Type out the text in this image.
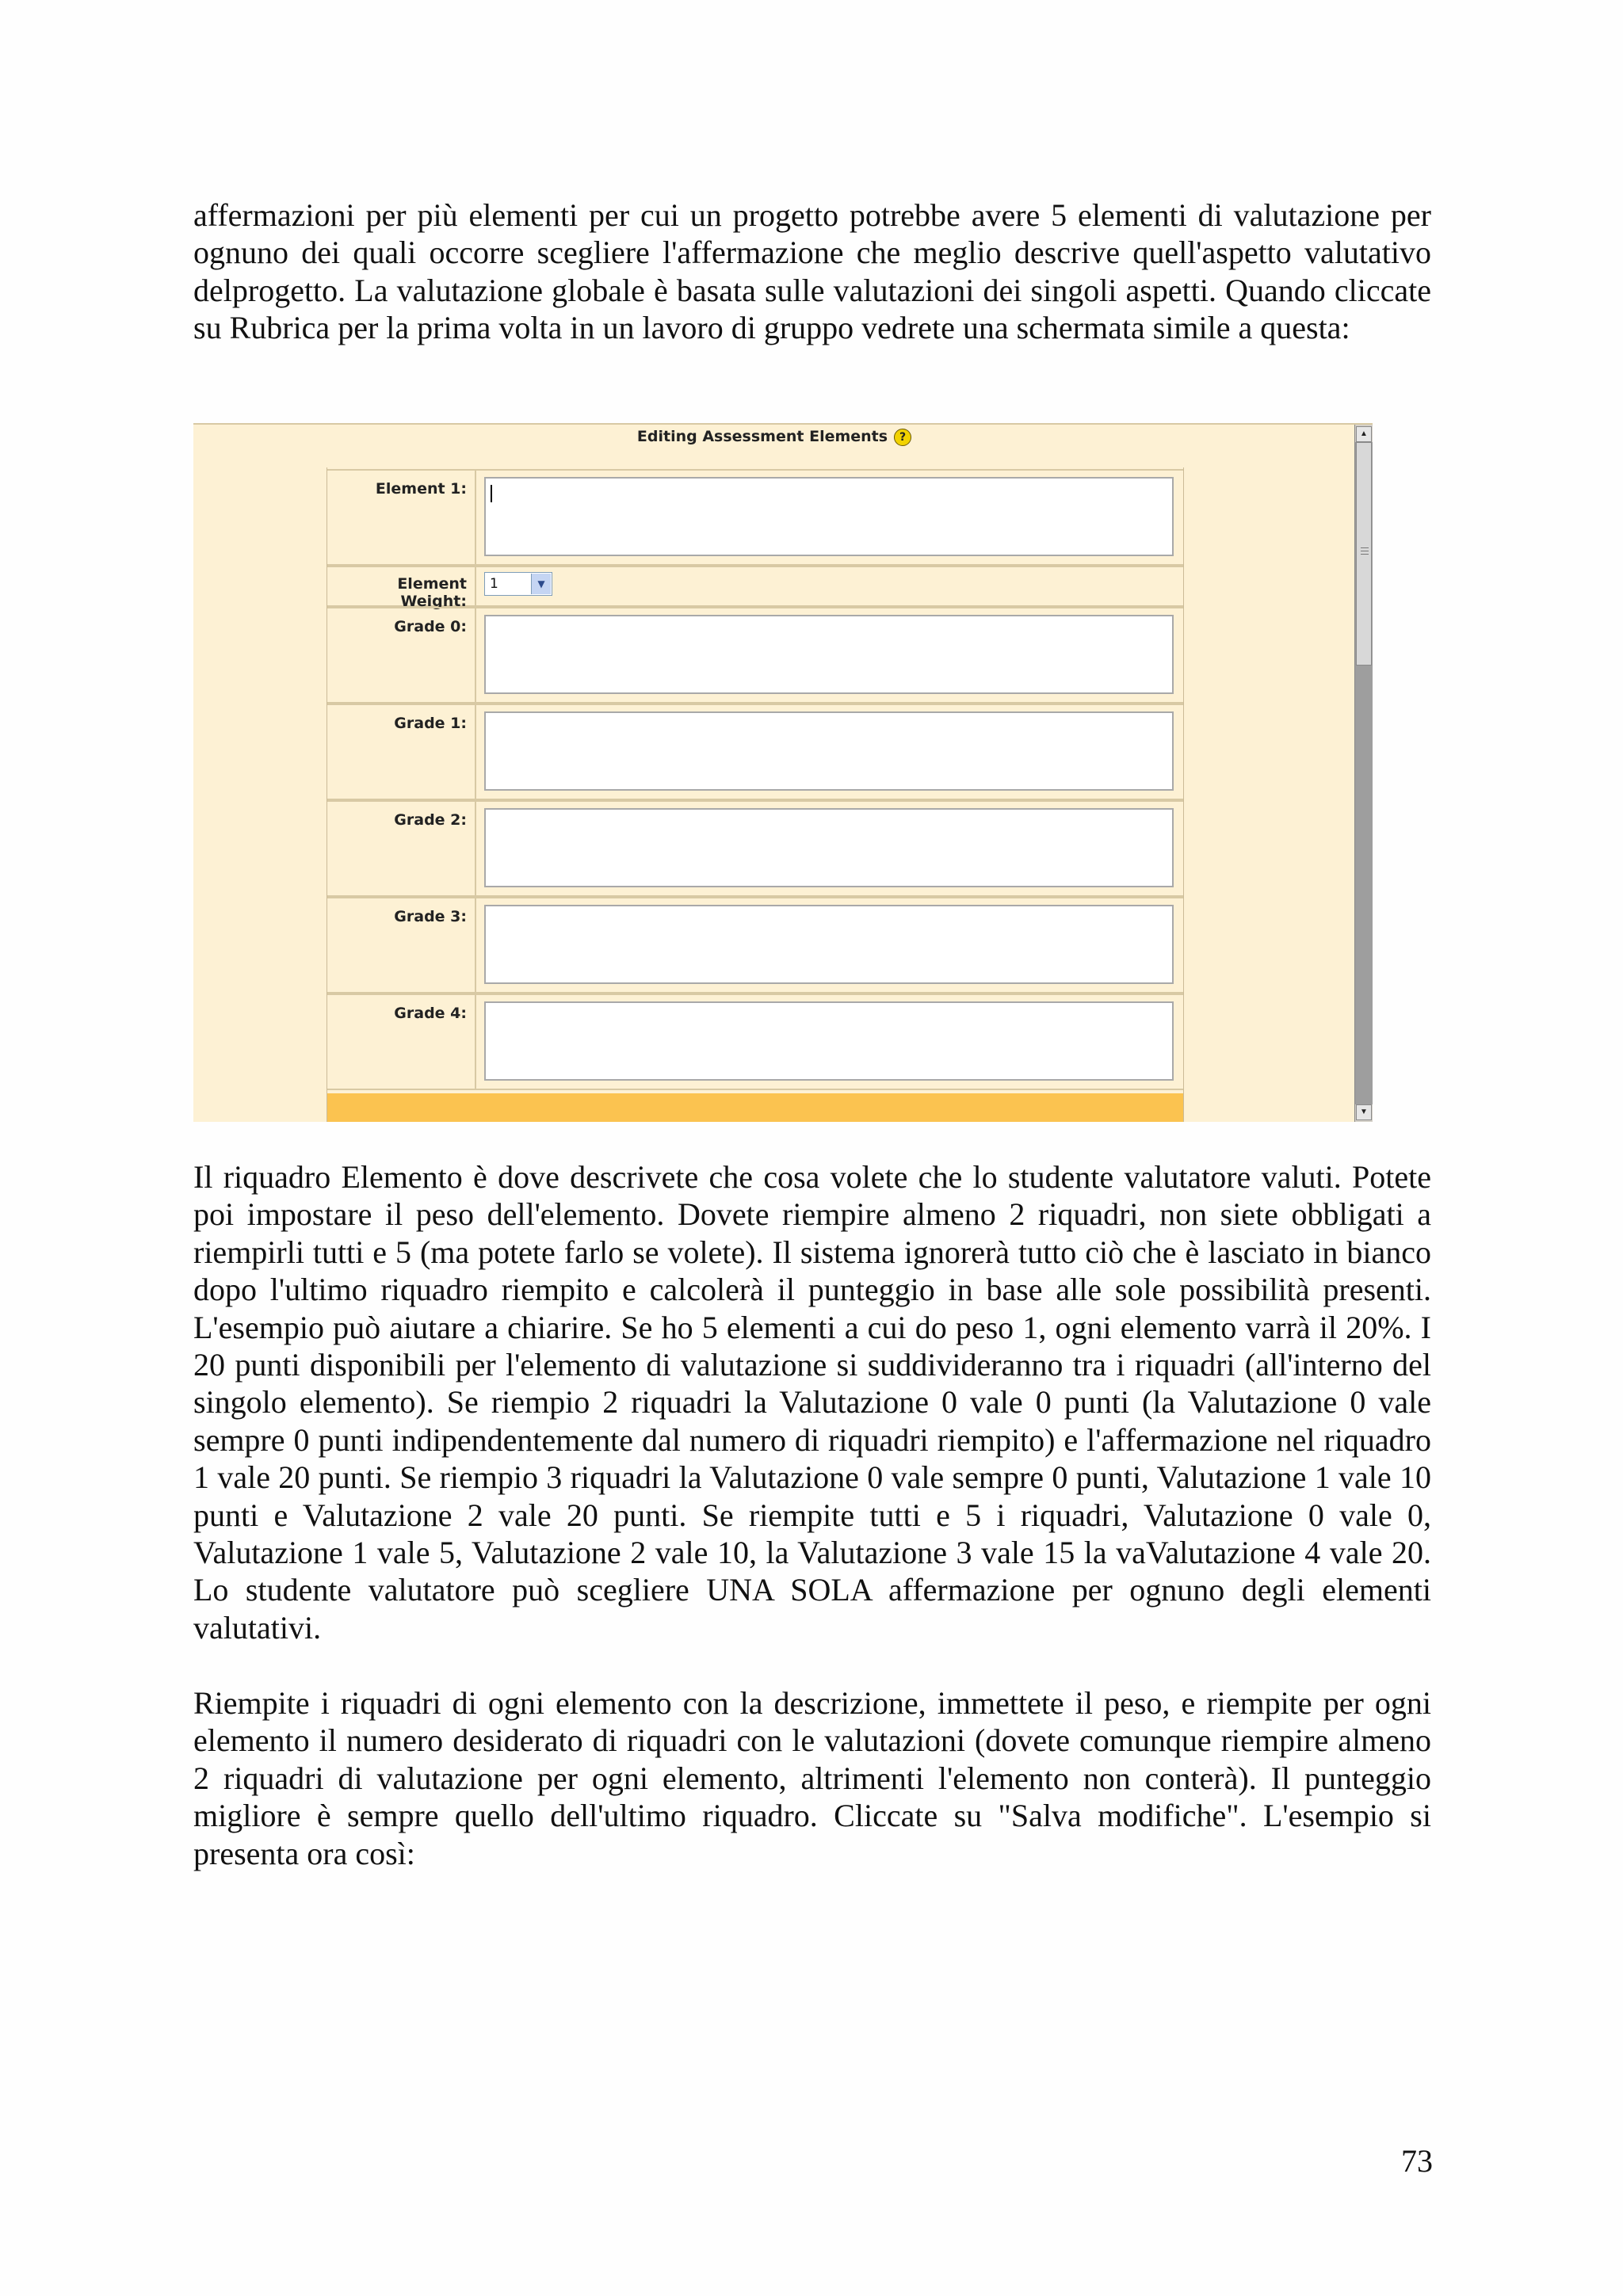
affermazioni per più elementi per cui un progetto potrebbe avere 5 elementi di valutazione per ognuno dei quali occorre scegliere l'affermazione che meglio descrive quell'aspetto valutativo delprogetto. La valutazione globale è basata sulle valutazioni dei singoli aspetti. Quando cliccate su Rubrica per la prima volta in un lavoro di gruppo vedrete una schermata simile a questa:

Editing Assessment Elements ?
Element 1:
Element Weight:
1	▼
Grade 0:
Grade 1:
Grade 2:
Grade 3:
Grade 4:
▲
▼

Il riquadro Elemento è dove descrivete che cosa volete che lo studente valutatore valuti. Potete poi impostare il peso dell'elemento. Dovete riempire almeno 2 riquadri, non siete obbligati a riempirli tutti e 5 (ma potete farlo se volete). Il sistema ignorerà tutto ciò che è lasciato in bianco dopo l'ultimo riquadro riempito e calcolerà il punteggio in base alle sole possibilità presenti. L'esempio può aiutare a chiarire. Se ho 5 elementi a cui do peso 1, ogni elemento varrà il 20%. I 20 punti disponibili per l'elemento di valutazione si suddivideranno tra i riquadri (all'interno del singolo elemento). Se riempio 2 riquadri la Valutazione 0 vale 0 punti (la Valutazione 0 vale sempre 0 punti indipendentemente dal numero di riquadri riempito) e l'affermazione nel riquadro 1 vale 20 punti. Se riempio 3 riquadri la Valutazione 0 vale sempre 0 punti, Valutazione 1 vale 10 punti e Valutazione 2 vale 20 punti. Se riempite tutti e 5 i riquadri, Valutazione 0 vale 0, Valutazione 1 vale 5, Valutazione 2 vale 10, la Valutazione 3 vale 15 la vaValutazione 4 vale 20. Lo studente valutatore può scegliere UNA SOLA affermazione per ognuno degli elementi valutativi.

Riempite i riquadri di ogni elemento con la descrizione, immettete il peso, e riempite per ogni elemento il numero desiderato di riquadri con le valutazioni (dovete comunque riempire almeno 2 riquadri di valutazione per ogni elemento, altrimenti l'elemento non conterà). Il punteggio migliore è sempre quello dell'ultimo riquadro. Cliccate su "Salva modifiche". L'esempio si presenta ora così:

73
